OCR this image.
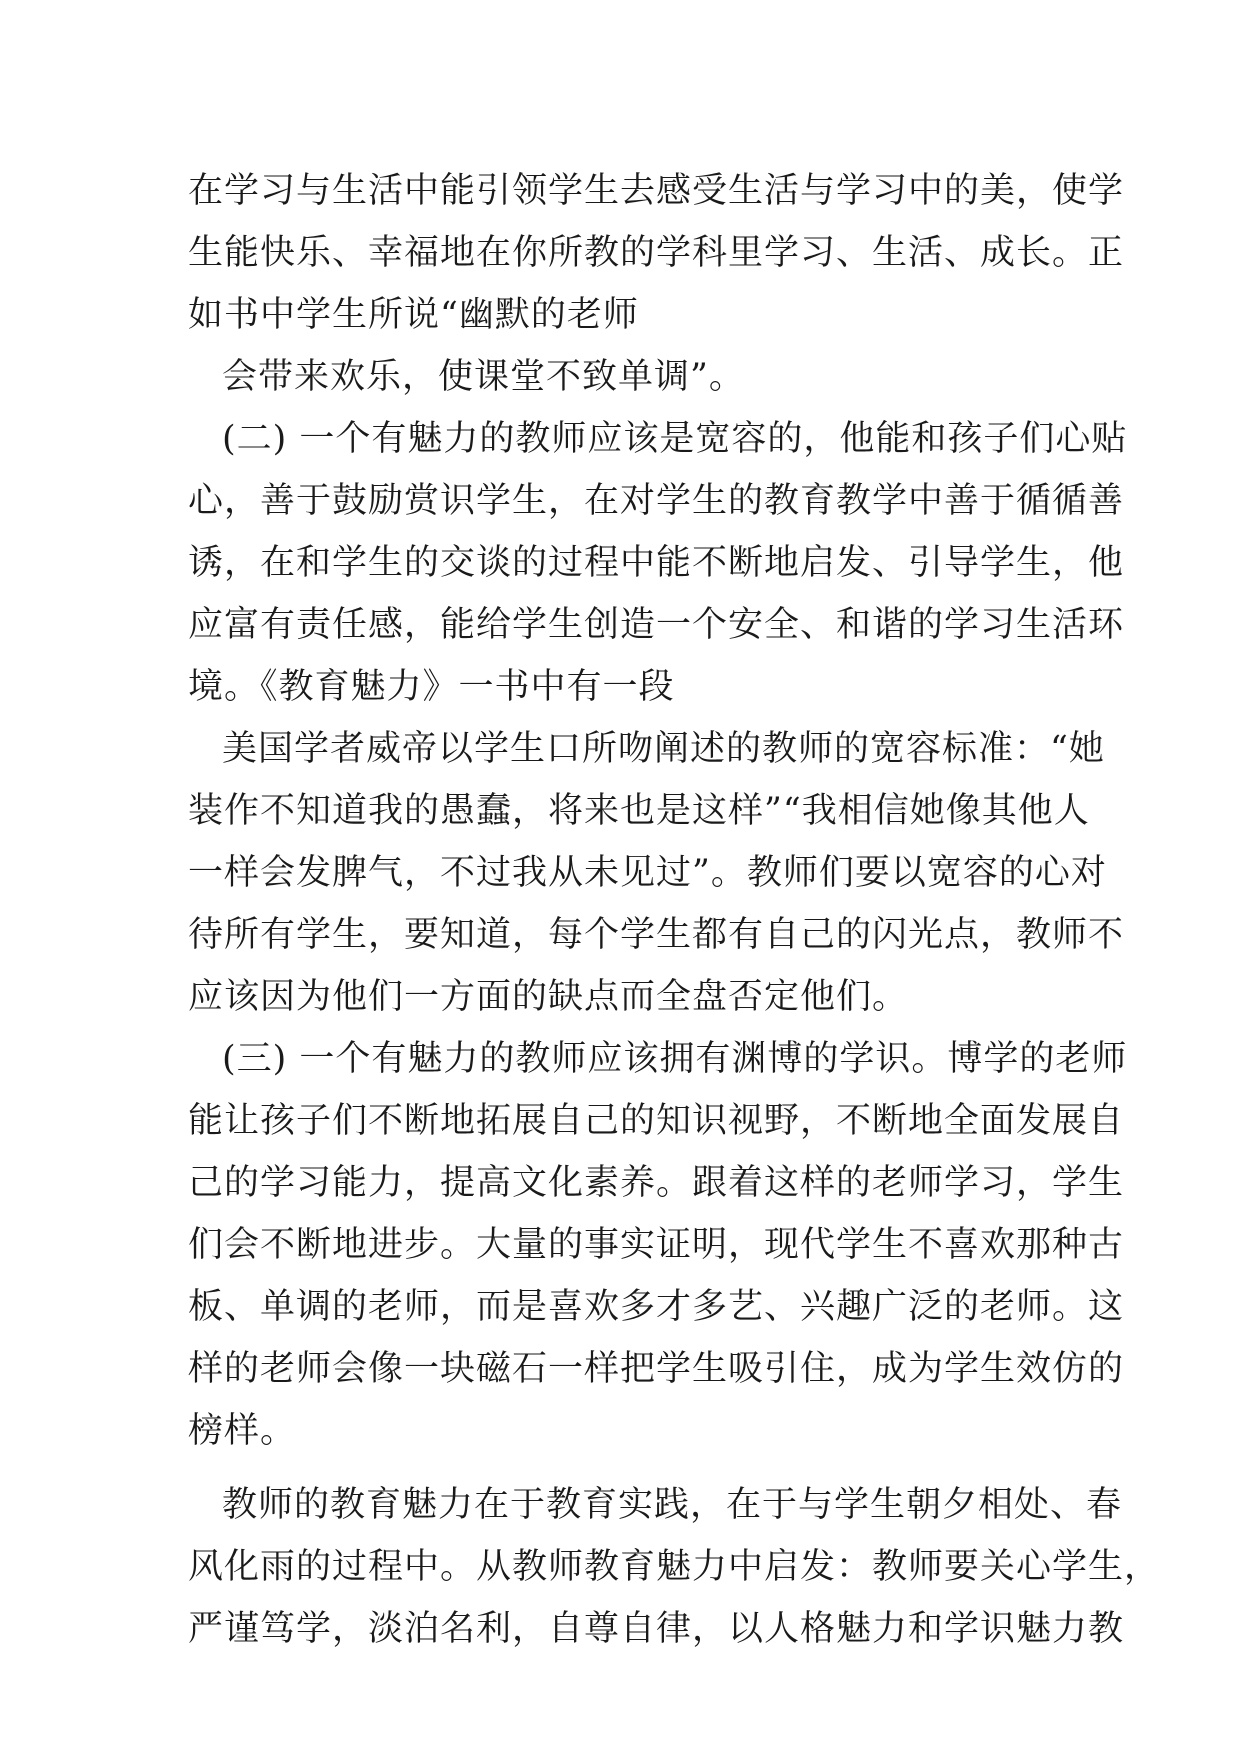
在学习与生活中能引领学生去感受生活与学习中的美，使学
生能快乐、幸福地在你所教的学科里学习、生活、成长。正
如书中学生所说“幽默的老师
会带来欢乐，使课堂不致单调”。
(二) 一个有魅力的教师应该是宽容的，他能和孩子们心贴
心，善于鼓励赏识学生，在对学生的教育教学中善于循循善
诱，在和学生的交谈的过程中能不断地启发、引导学生，他
应富有责任感，能给学生创造一个安全、和谐的学习生活环
境。《教育魅力》一书中有一段
美国学者威帝以学生口所吻阐述的教师的宽容标准：“她
装作不知道我的愚蠢，将来也是这样”“我相信她像其他人
一样会发脾气，不过我从未见过”。教师们要以宽容的心对
待所有学生，要知道，每个学生都有自己的闪光点，教师不
应该因为他们一方面的缺点而全盘否定他们。
(三) 一个有魅力的教师应该拥有渊博的学识。博学的老师
能让孩子们不断地拓展自己的知识视野，不断地全面发展自
己的学习能力，提高文化素养。跟着这样的老师学习，学生
们会不断地进步。大量的事实证明，现代学生不喜欢那种古
板、单调的老师，而是喜欢多才多艺、兴趣广泛的老师。这
样的老师会像一块磁石一样把学生吸引住，成为学生效仿的
榜样。
教师的教育魅力在于教育实践，在于与学生朝夕相处、春
风化雨的过程中。从教师教育魅力中启发：教师要关心学生，
严谨笃学，淡泊名利，自尊自律，以人格魅力和学识魅力教
